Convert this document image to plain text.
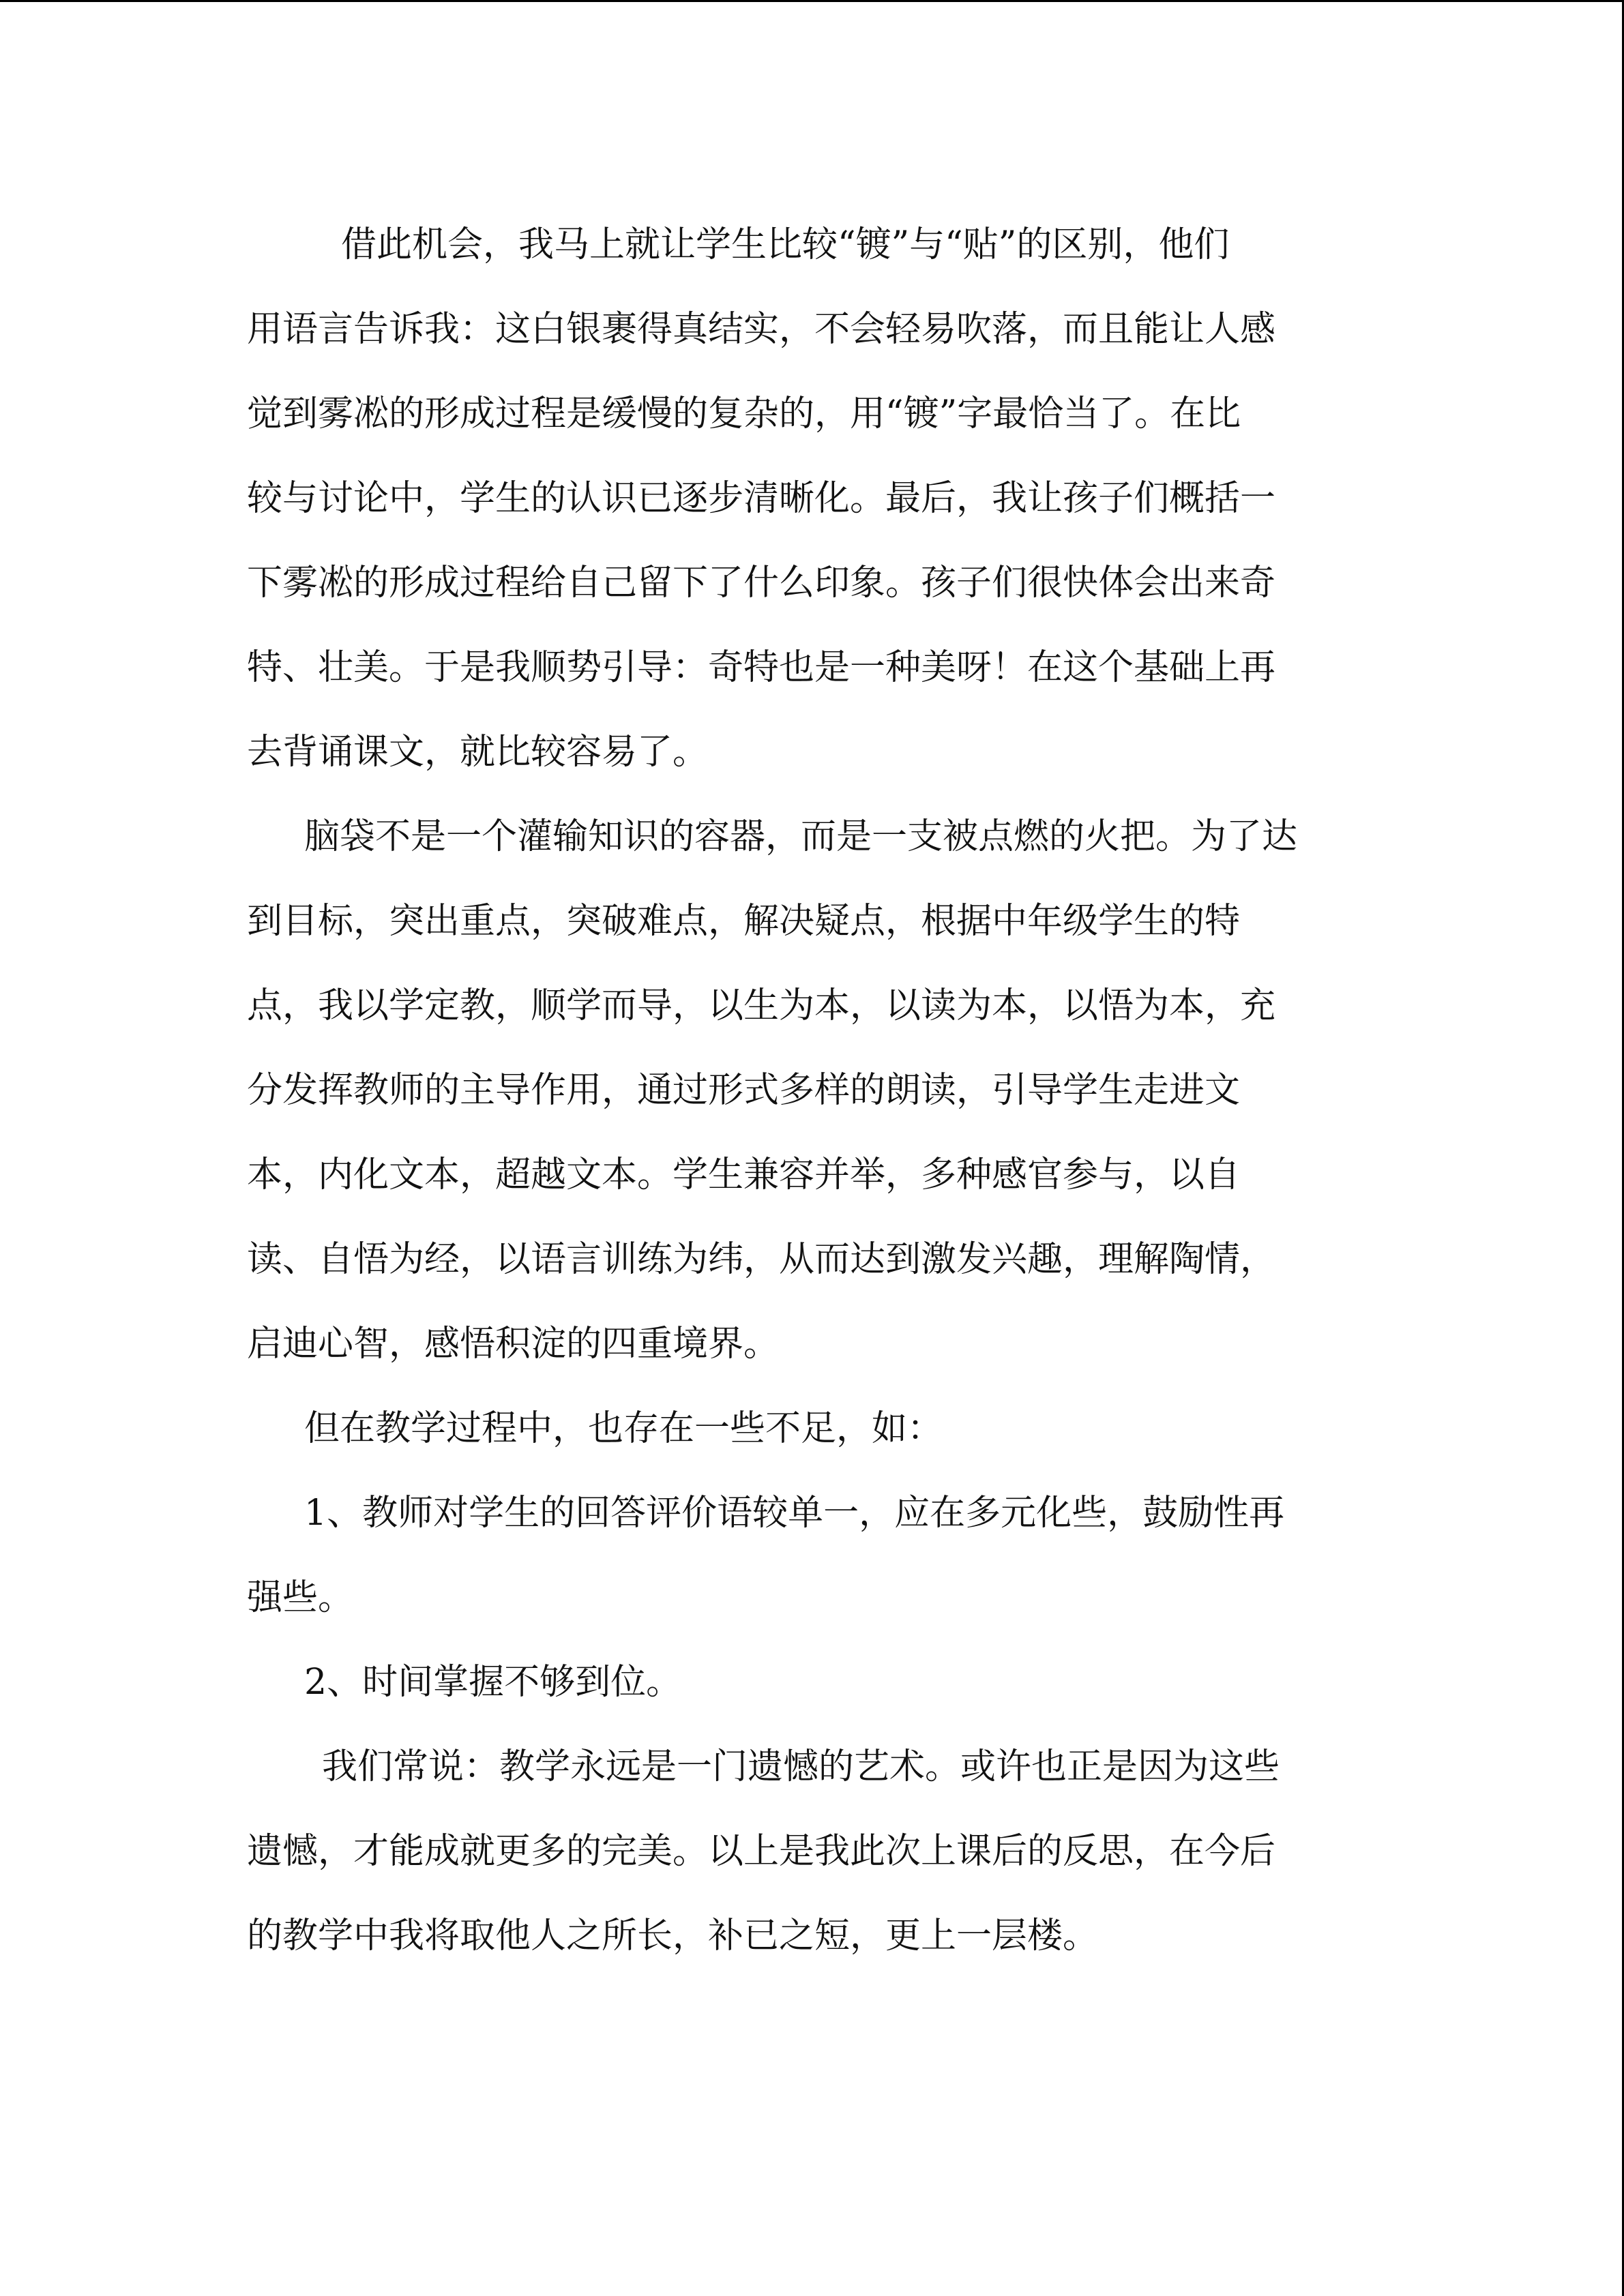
借此机会，我马上就让学生比较“镀”与“贴”的区别，他们
用语言告诉我：这白银裹得真结实，不会轻易吹落，而且能让人感
觉到雾凇的形成过程是缓慢的复杂的，用“镀”字最恰当了。在比
较与讨论中，学生的认识已逐步清晰化。最后，我让孩子们概括一
下雾凇的形成过程给自己留下了什么印象。孩子们很快体会出来奇
特、壮美。于是我顺势引导：奇特也是一种美呀！在这个基础上再
去背诵课文，就比较容易了。
脑袋不是一个灌输知识的容器，而是一支被点燃的火把。为了达
到目标，突出重点，突破难点，解决疑点，根据中年级学生的特
点，我以学定教，顺学而导，以生为本，以读为本，以悟为本，充
分发挥教师的主导作用，通过形式多样的朗读，引导学生走进文
本，内化文本，超越文本。学生兼容并举，多种感官参与，以自
读、自悟为经，以语言训练为纬，从而达到激发兴趣，理解陶情，
启迪心智，感悟积淀的四重境界。
但在教学过程中，也存在一些不足，如：
1、教师对学生的回答评价语较单一，应在多元化些，鼓励性再
强些。
2、时间掌握不够到位。
我们常说：教学永远是一门遗憾的艺术。或许也正是因为这些
遗憾，才能成就更多的完美。以上是我此次上课后的反思，在今后
的教学中我将取他人之所长，补已之短，更上一层楼。
